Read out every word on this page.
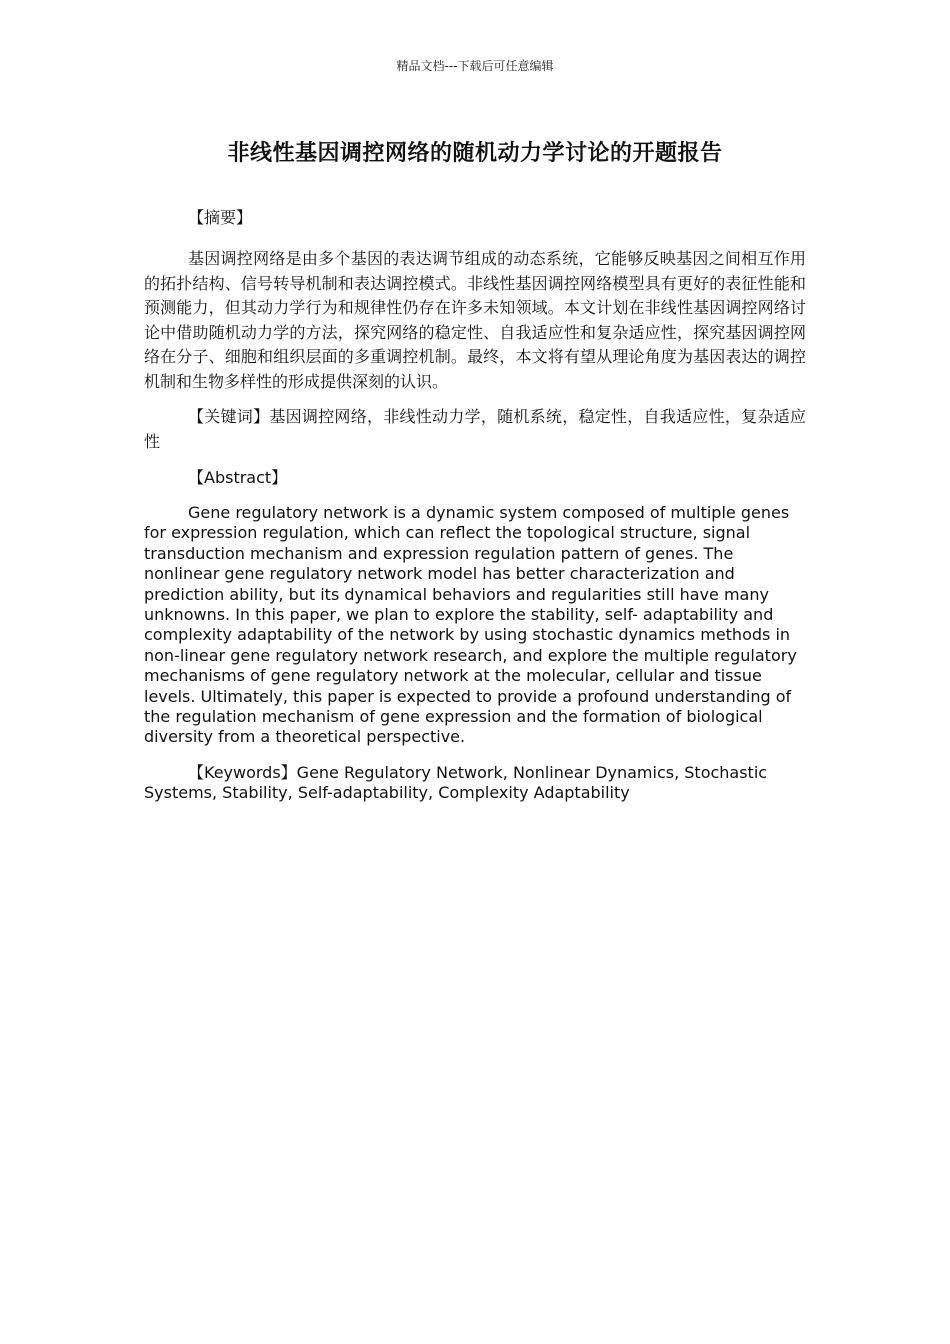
精品文档---下载后可任意编辑
非线性基因调控网络的随机动力学讨论的开题报告

【摘要】

基因调控网络是由多个基因的表达调节组成的动态系统，它能够反映基因之间相互作用的拓扑结构、信号转导机制和表达调控模式。非线性基因调控网络模型具有更好的表征性能和预测能力，但其动力学行为和规律性仍存在许多未知领域。本文计划在非线性基因调控网络讨论中借助随机动力学的方法，探究网络的稳定性、自我适应性和复杂适应性，探究基因调控网络在分子、细胞和组织层面的多重调控机制。最终，本文将有望从理论角度为基因表达的调控机制和生物多样性的形成提供深刻的认识。

【关键词】基因调控网络，非线性动力学，随机系统，稳定性，自我适应性，复杂适应性

【Abstract】

Gene regulatory network is a dynamic system composed of multiple genes for expression regulation, which can reflect the topological structure, signal transduction mechanism and expression regulation pattern of genes. The nonlinear gene regulatory network model has better characterization and prediction ability, but its dynamical behaviors and regularities still have many unknowns. In this paper, we plan to explore the stability, self- adaptability and complexity adaptability of the network by using stochastic dynamics methods in non-linear gene regulatory network research, and explore the multiple regulatory mechanisms of gene regulatory network at the molecular, cellular and tissue levels. Ultimately, this paper is expected to provide a profound understanding of the regulation mechanism of gene expression and the formation of biological diversity from a theoretical perspective.

【Keywords】Gene Regulatory Network, Nonlinear Dynamics, Stochastic Systems, Stability, Self-adaptability, Complexity Adaptability
